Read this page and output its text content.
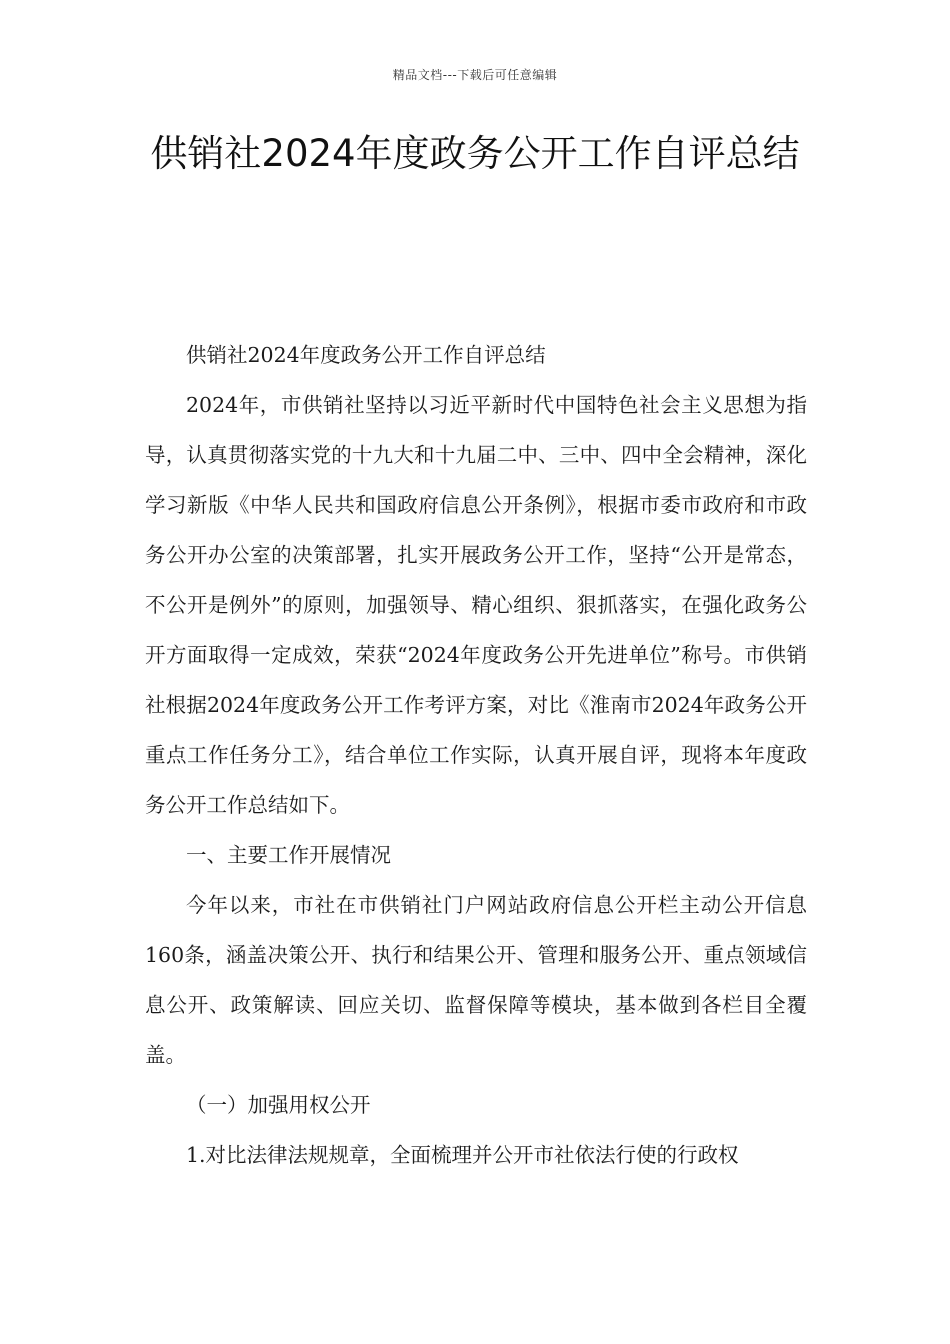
精品文档---下载后可任意编辑
供销社2024年度政务公开工作自评总结

供销社2024年度政务公开工作自评总结

2024年，市供销社坚持以习近平新时代中国特色社会主义思想为指导，认真贯彻落实党的十九大和十九届二中、三中、四中全会精神，深化学习新版《中华人民共和国政府信息公开条例》，根据市委市政府和市政务公开办公室的决策部署，扎实开展政务公开工作，坚持“公开是常态，不公开是例外”的原则，加强领导、精心组织、狠抓落实，在强化政务公开方面取得一定成效，荣获“2024年度政务公开先进单位”称号。市供销社根据2024年度政务公开工作考评方案，对比《淮南市2024年政务公开重点工作任务分工》，结合单位工作实际，认真开展自评，现将本年度政务公开工作总结如下。

一、主要工作开展情况

今年以来，市社在市供销社门户网站政府信息公开栏主动公开信息160条，涵盖决策公开、执行和结果公开、管理和服务公开、重点领域信息公开、政策解读、回应关切、监督保障等模块，基本做到各栏目全覆盖。

（一）加强用权公开

1.对比法律法规规章，全面梳理并公开市社依法行使的行政权
